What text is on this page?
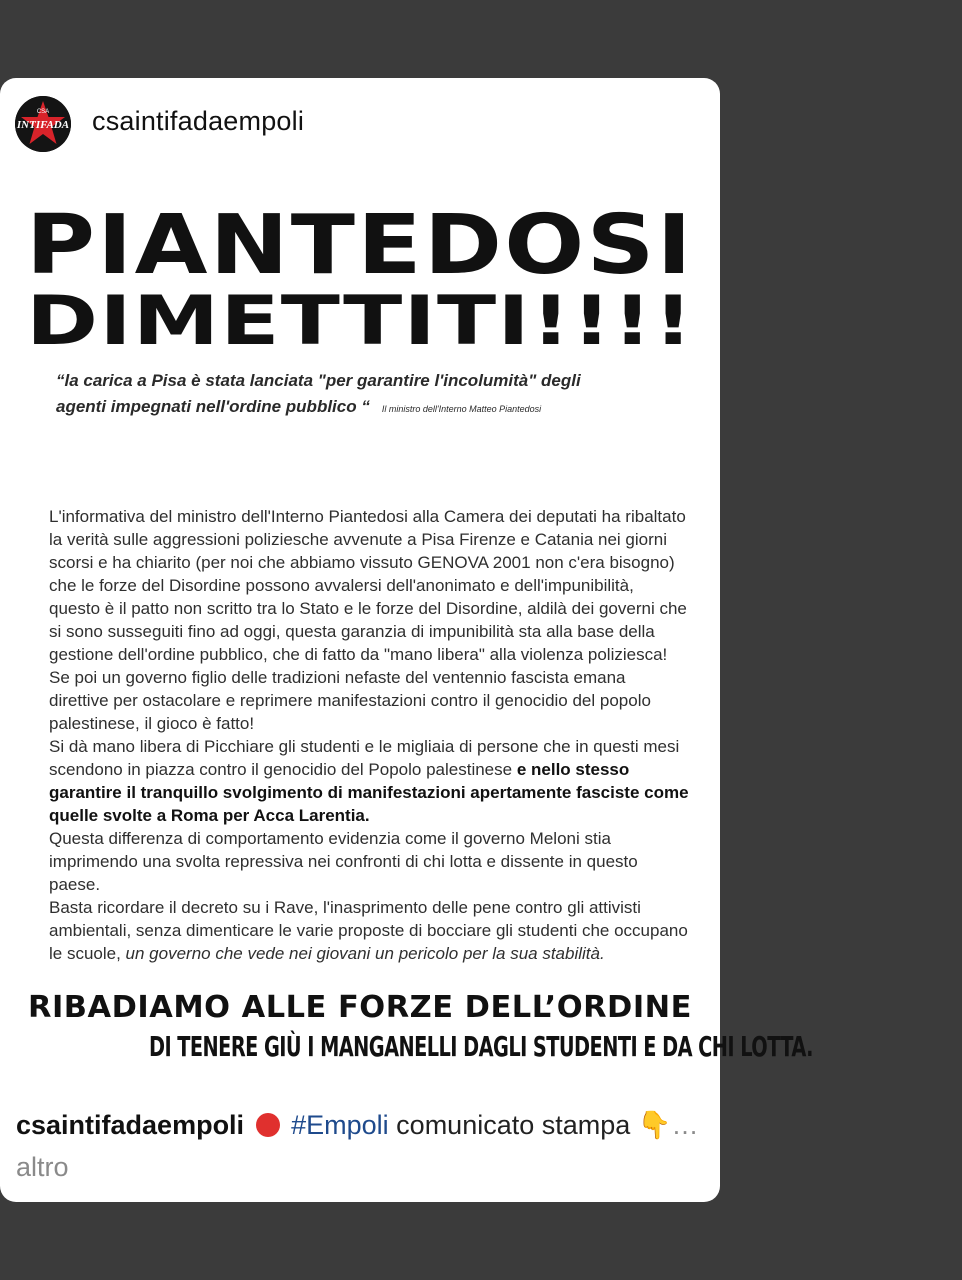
CSA
INTIFADA csaintifadaempoli
PIANTEDOSI
DIMETTITI!!!!
“la carica a Pisa è stata lanciata "per garantire l'incolumità" degli
agenti impegnati nell'ordine pubblico “ Il ministro dell'Interno Matteo Piantedosi

L'informativa del ministro dell'Interno Piantedosi alla Camera dei deputati ha ribaltato la verità sulle aggressioni poliziesche avvenute a Pisa Firenze e Catania nei giorni scorsi e ha chiarito (per noi che abbiamo vissuto GENOVA 2001 non c'era bisogno) che le forze del Disordine possono avvalersi dell'anonimato e dell'impunibilità, questo è il patto non scritto tra lo Stato e le forze del Disordine, aldilà dei governi che si sono susseguiti fino ad oggi, questa garanzia di impunibilità sta alla base della gestione dell'ordine pubblico, che di fatto da "mano libera" alla violenza poliziesca!

Se poi un governo figlio delle tradizioni nefaste del ventennio fascista emana direttive per ostacolare e reprimere manifestazioni contro il genocidio del popolo palestinese, il gioco è fatto!

Si dà mano libera di Picchiare gli studenti e le migliaia di persone che in questi mesi scendono in piazza contro il genocidio del Popolo palestinese e nello stesso garantire il tranquillo svolgimento di manifestazioni apertamente fasciste come quelle svolte a Roma per Acca Larentia.

Questa differenza di comportamento evidenzia come il governo Meloni stia imprimendo una svolta repressiva nei confronti di chi lotta e dissente in questo paese.

Basta ricordare il decreto su i Rave, l'inasprimento delle pene contro gli attivisti ambientali, senza dimenticare le varie proposte di bocciare gli studenti che occupano le scuole, un governo che vede nei giovani un pericolo per la sua stabilità.

RIBADIAMO ALLE FORZE DELL’ORDINE
DI TENERE GIÙ I MANGANELLI DAGLI STUDENTI E DA CHI LOTTA.
csaintifadaempoli #Empoli comunicato stampa 👇… altro
